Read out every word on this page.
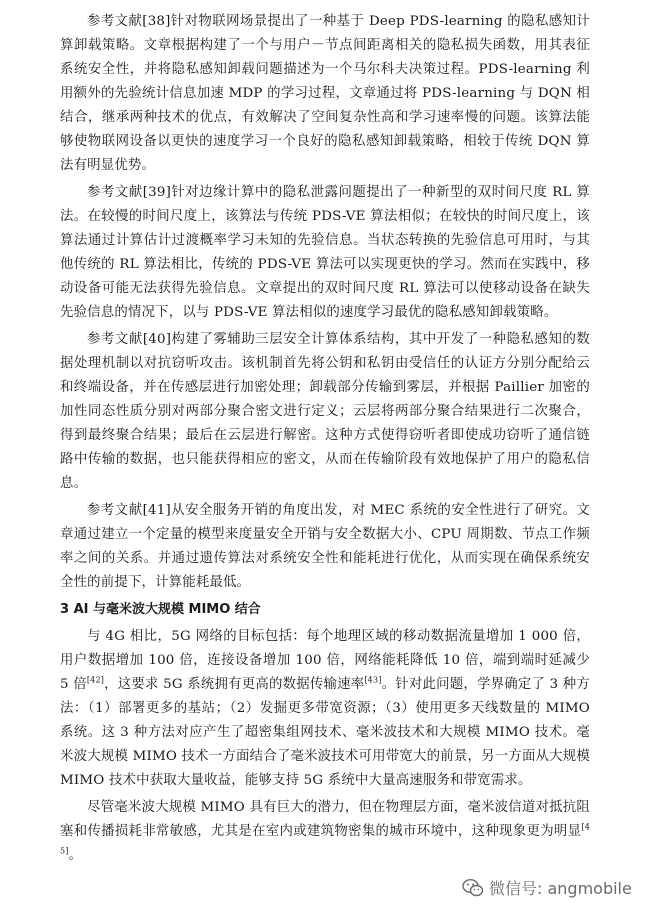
参考文献[38]针对物联网场景提出了一种基于 Deep PDS-learning 的隐私感知计算卸载策略。文章根据构建了一个与用户－节点间距离相关的隐私损失函数，用其表征系统安全性，并将隐私感知卸载问题描述为一个马尔科夫决策过程。PDS-learning 利用额外的先验统计信息加速 MDP 的学习过程，文章通过将 PDS-learning 与 DQN 相结合，继承两种技术的优点，有效解决了空间复杂性高和学习速率慢的问题。该算法能够使物联网设备以更快的速度学习一个良好的隐私感知卸载策略，相较于传统 DQN 算法有明显优势。

参考文献[39]针对边缘计算中的隐私泄露问题提出了一种新型的双时间尺度 RL 算法。在较慢的时间尺度上，该算法与传统 PDS-VE 算法相似；在较快的时间尺度上，该算法通过计算估计过渡概率学习未知的先验信息。当状态转换的先验信息可用时，与其他传统的 RL 算法相比，传统的 PDS-VE 算法可以实现更快的学习。然而在实践中，移动设备可能无法获得先验信息。文章提出的双时间尺度 RL 算法可以使移动设备在缺失先验信息的情况下，以与 PDS-VE 算法相似的速度学习最优的隐私感知卸载策略。

参考文献[40]构建了雾辅助三层安全计算体系结构，其中开发了一种隐私感知的数据处理机制以对抗窃听攻击。该机制首先将公钥和私钥由受信任的认证方分别分配给云和终端设备，并在传感层进行加密处理；卸载部分传输到雾层，并根据 Paillier 加密的加性同态性质分别对两部分聚合密文进行定义；云层将两部分聚合结果进行二次聚合，得到最终聚合结果；最后在云层进行解密。这种方式使得窃听者即使成功窃听了通信链路中传输的数据，也只能获得相应的密文，从而在传输阶段有效地保护了用户的隐私信息。

参考文献[41]从安全服务开销的角度出发，对 MEC 系统的安全性进行了研究。文章通过建立一个定量的模型来度量安全开销与安全数据大小、CPU 周期数、节点工作频率之间的关系。并通过遗传算法对系统安全性和能耗进行优化，从而实现在确保系统安全性的前提下，计算能耗最低。

3 AI 与毫米波大规模 MIMO 结合

与 4G 相比，5G 网络的目标包括：每个地理区域的移动数据流量增加 1 000 倍，用户数据增加 100 倍，连接设备增加 100 倍，网络能耗降低 10 倍，端到端时延减少 5 倍[42]，这要求 5G 系统拥有更高的数据传输速率[43]。针对此问题，学界确定了 3 种方法：（1）部署更多的基站；（2）发掘更多带宽资源；（3）使用更多天线数量的 MIMO 系统。这 3 种方法对应产生了超密集组网技术、毫米波技术和大规模 MIMO 技术。毫米波大规模 MIMO 技术一方面结合了毫米波技术可用带宽大的前景，另一方面从大规模 MIMO 技术中获取大量收益，能够支持 5G 系统中大量高速服务和带宽需求。

尽管毫米波大规模 MIMO 具有巨大的潜力，但在物理层方面，毫米波信道对抵抗阻塞和传播损耗非常敏感，尤其是在室内或建筑物密集的城市环境中，这种现象更为明显[45]。

微信号: angmobile
